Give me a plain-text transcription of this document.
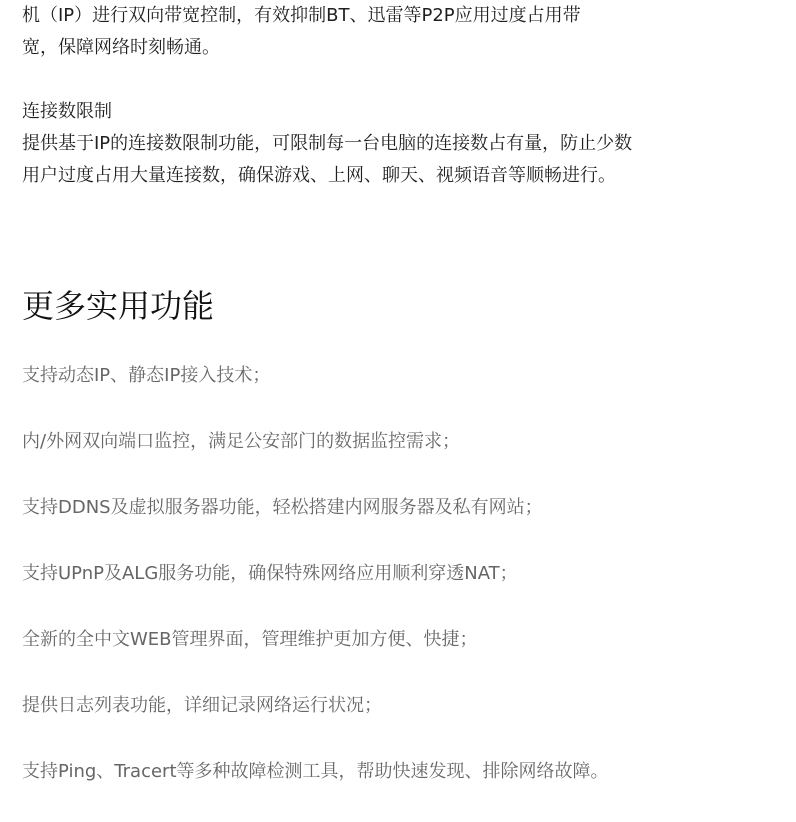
机（IP）进行双向带宽控制，有效抑制BT、迅雷等P2P应用过度占用带

宽，保障网络时刻畅通。

连接数限制

提供基于IP的连接数限制功能，可限制每一台电脑的连接数占有量，防止少数

用户过度占用大量连接数，确保游戏、上网、聊天、视频语音等顺畅进行。

更多实用功能
支持动态IP、静态IP接入技术；
内/外网双向端口监控，满足公安部门的数据监控需求；
支持DDNS及虚拟服务器功能，轻松搭建内网服务器及私有网站；
支持UPnP及ALG服务功能，确保特殊网络应用顺利穿透NAT；
全新的全中文WEB管理界面，管理维护更加方便、快捷；
提供日志列表功能，详细记录网络运行状况；
支持Ping、Tracert等多种故障检测工具，帮助快速发现、排除网络故障。
